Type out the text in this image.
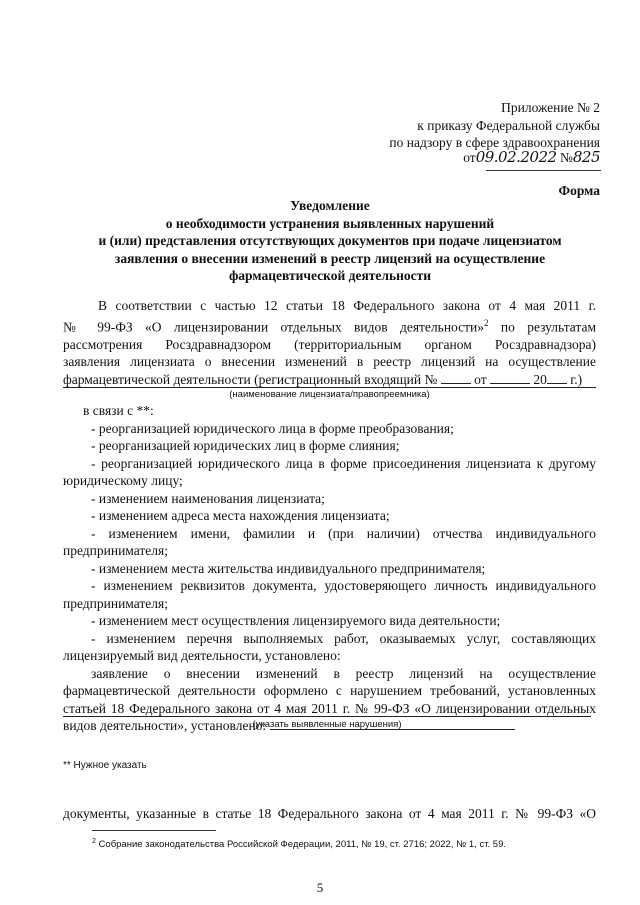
Приложение № 2
к приказу Федеральной службы
по надзору в сфере здравоохранения
от09.02.2022 №825
Форма
Уведомление
о необходимости устранения выявленных нарушений
и (или) представления отсутствующих документов при подаче лицензиатом
заявления о внесении изменений в реестр лицензий на осуществление
фармацевтической деятельности

В соответствии с частью 12 статьи 18 Федерального закона от 4 мая 2011 г.

№ 99-ФЗ «О лицензировании отдельных видов деятельности»$^2$ по результатам

рассмотрения Росздравнадзором (территориальным органом Росздравнадзора)

заявления лицензиата о внесении изменений в реестр лицензий на осуществление

фармацевтической деятельности (регистрационный входящий №	от	20 г.)

(наименование лицензиата/правопреемника)

в связи с **:

- реорганизацией юридического лица в форме преобразования;

- реорганизацией юридических лиц в форме слияния;

- реорганизацией юридического лица в форме присоединения лицензиата к другому

юридическому лицу;

- изменением наименования лицензиата;

- изменением адреса места нахождения лицензиата;

- изменением имени, фамилии и (при наличии) отчества индивидуального

предпринимателя;

- изменением места жительства индивидуального предпринимателя;

- изменением реквизитов документа, удостоверяющего личность индивидуального

предпринимателя;

- изменением мест осуществления лицензируемого вида деятельности;

- изменением перечня выполняемых работ, оказываемых услуг, составляющих

лицензируемый вид деятельности, установлено:

заявление о внесении изменений в реестр лицензий на осуществление

фармацевтической деятельности оформлено с нарушением требований, установленных

статьей 18 Федерального закона от 4 мая 2011 г. № 99-ФЗ «О лицензировании отдельных

видов деятельности», установлено:

(указать выявленные нарушения)
** Нужное указать
документы, указанные в статье 18 Федерального закона от 4 мая 2011 г. № 99-ФЗ «О
$^2$ Собрание законодательства Российской Федерации, 2011, № 19, ст. 2716; 2022, № 1, ст. 59.
5
